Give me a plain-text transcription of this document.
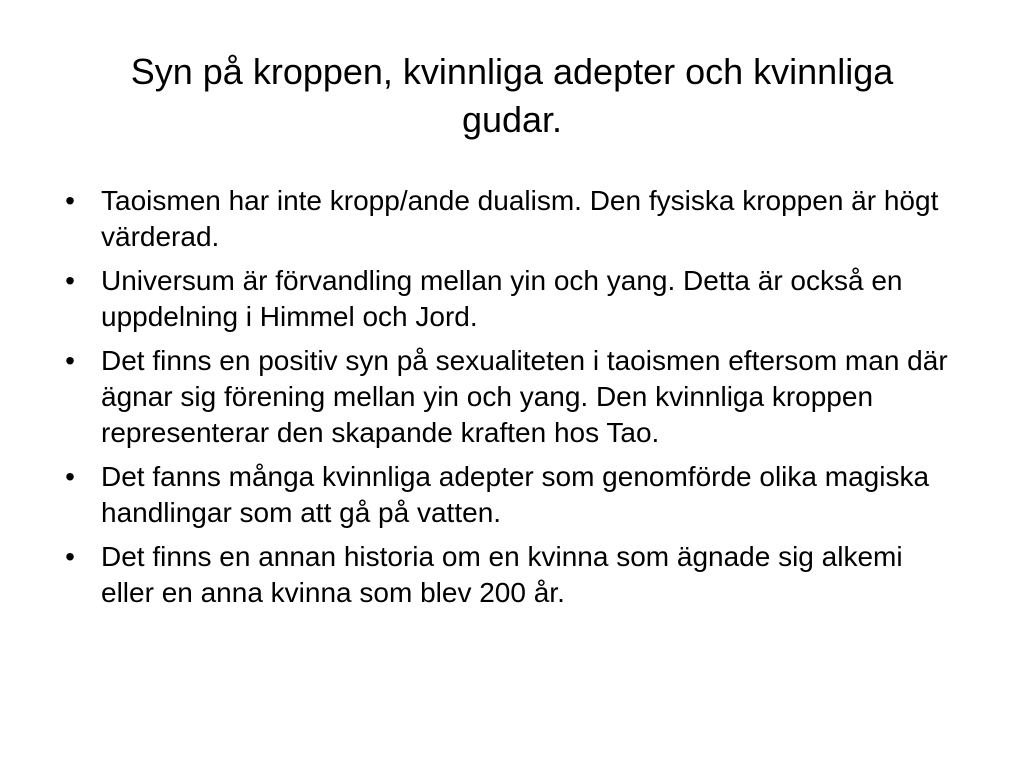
Syn på kroppen, kvinnliga adepter och kvinnliga gudar.
• Taoismen har inte kropp/ande dualism. Den fysiska kroppen är högt värderad.
• Universum är förvandling mellan yin och yang. Detta är också en uppdelning i Himmel och Jord.
• Det finns en positiv syn på sexualiteten i taoismen eftersom man där ägnar sig förening mellan yin och yang. Den kvinnliga kroppen representerar den skapande kraften hos Tao.
• Det fanns många kvinnliga adepter som genomförde olika magiska handlingar som att gå på vatten.
• Det finns en annan historia om en kvinna som ägnade sig alkemi eller en anna kvinna som blev 200 år.
